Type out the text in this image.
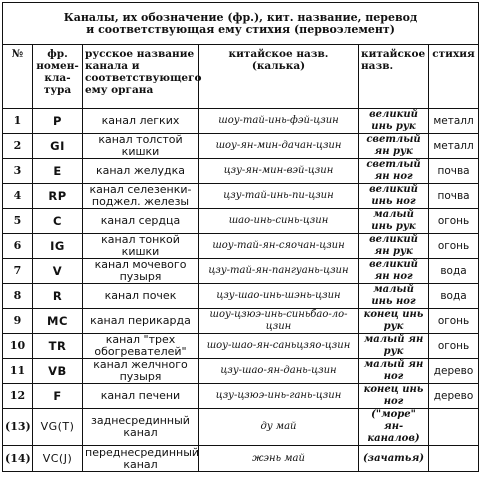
Каналы, их обозначение (фр.), кит. название, перевод
и соответствующая ему стихия (первоэлемент)					

№	фр. номен- кла- тура	русское название канала и соответствующего ему органа	китайское назв. (калька)	китайское назв.	стихия
1	P	канал легких	шоу-тай-инь-фэй-цзин	великий инь рук	металл
2	GI	канал толстой кишки	шоу-ян-мин-дачан-цзин	светлый ян рук	металл
3	E	канал желудка	цзу-ян-мин-вэй-цзин	светлый ян ног	почва
4	RP	канал селезенки-поджел. железы	цзу-тай-инь-пи-цзин	великий инь ног	почва
5	C	канал сердца	шао-инь-синь-цзин	малый инь рук	огонь
6	IG	канал тонкой кишки	шоу-тай-ян-сяочан-цзин	великий ян рук	огонь
7	V	канал мочевого пузыря	цзу-тай-ян-пангуань-цзин	великий ян ног	вода
8	R	канал почек	цзу-шао-инь-шэнь-цзин	малый инь ног	вода
9	MC	канал перикарда	шоу-цзюэ-инь-синьбао-ло-цзин	конец инь рук	огонь
10	TR	канал "трех обогревателей"	шоу-шао-ян-саньцзяо-цзин	малый ян рук	огонь
11	VB	канал желчного пузыря	цзу-шао-ян-дань-цзин	малый ян ног	дерево
12	F	канал печени	цзу-цзюэ-инь-гань-цзин	конец инь ног	дерево
(13)	VG(T)	заднесрединный канал	ду май	("море" ян-каналов)	
(14)	VC(J)	переднесрединный канал	жэнь май	(зачатья)	
